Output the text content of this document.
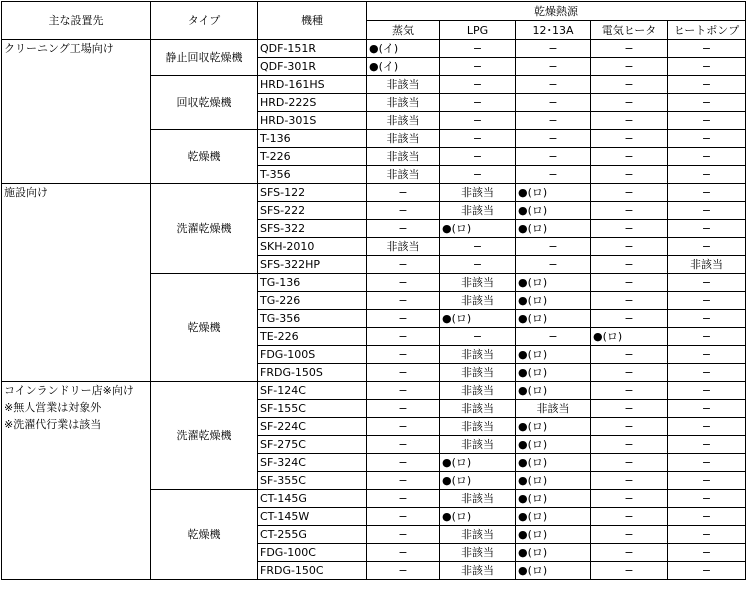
主な設置先	タイプ	機種	乾燥熱源				
			蒸気	LPG	12･13A	電気ヒータ	ヒートポンプ

クリーニング工場向け	静止回収乾燥機	QDF-151R	●(イ)	−	−	−	−
		QDF-301R	●(イ)	−	−	−	−
	回収乾燥機	HRD-161HS	非該当	−	−	−	−
		HRD-222S	非該当	−	−	−	−
		HRD-301S	非該当	−	−	−	−
	乾燥機	T-136	非該当	−	−	−	−
		T-226	非該当	−	−	−	−
		T-356	非該当	−	−	−	−

施設向け	洗濯乾燥機	SFS-122	−	非該当	●(ロ)	−	−
		SFS-222	−	非該当	●(ロ)	−	−
		SFS-322	−	●(ロ)	●(ロ)	−	−
		SKH-2010	非該当	−	−	−	−
		SFS-322HP	−	−	−	−	非該当
	乾燥機	TG-136	−	非該当	●(ロ)	−	−
		TG-226	−	非該当	●(ロ)	−	−
		TG-356	−	●(ロ)	●(ロ)	−	−
		TE-226	−	−	−	●(ロ)	−
		FDG-100S	−	非該当	●(ロ)	−	−
		FRDG-150S	−	非該当	●(ロ)	−	−

コインランドリー店※向け
※無人営業は対象外
※洗濯代行業は該当	洗濯乾燥機	SF-124C	−	非該当	●(ロ)	−	−
		SF-155C	−	非該当	非該当	−	−
		SF-224C	−	非該当	●(ロ)	−	−
		SF-275C	−	非該当	●(ロ)	−	−
		SF-324C	−	●(ロ)	●(ロ)	−	−
		SF-355C	−	●(ロ)	●(ロ)	−	−
	乾燥機	CT-145G	−	非該当	●(ロ)	−	−
		CT-145W	−	●(ロ)	●(ロ)	−	−
		CT-255G	−	非該当	●(ロ)	−	−
		FDG-100C	−	非該当	●(ロ)	−	−
		FRDG-150C	−	非該当	●(ロ)	−	−
